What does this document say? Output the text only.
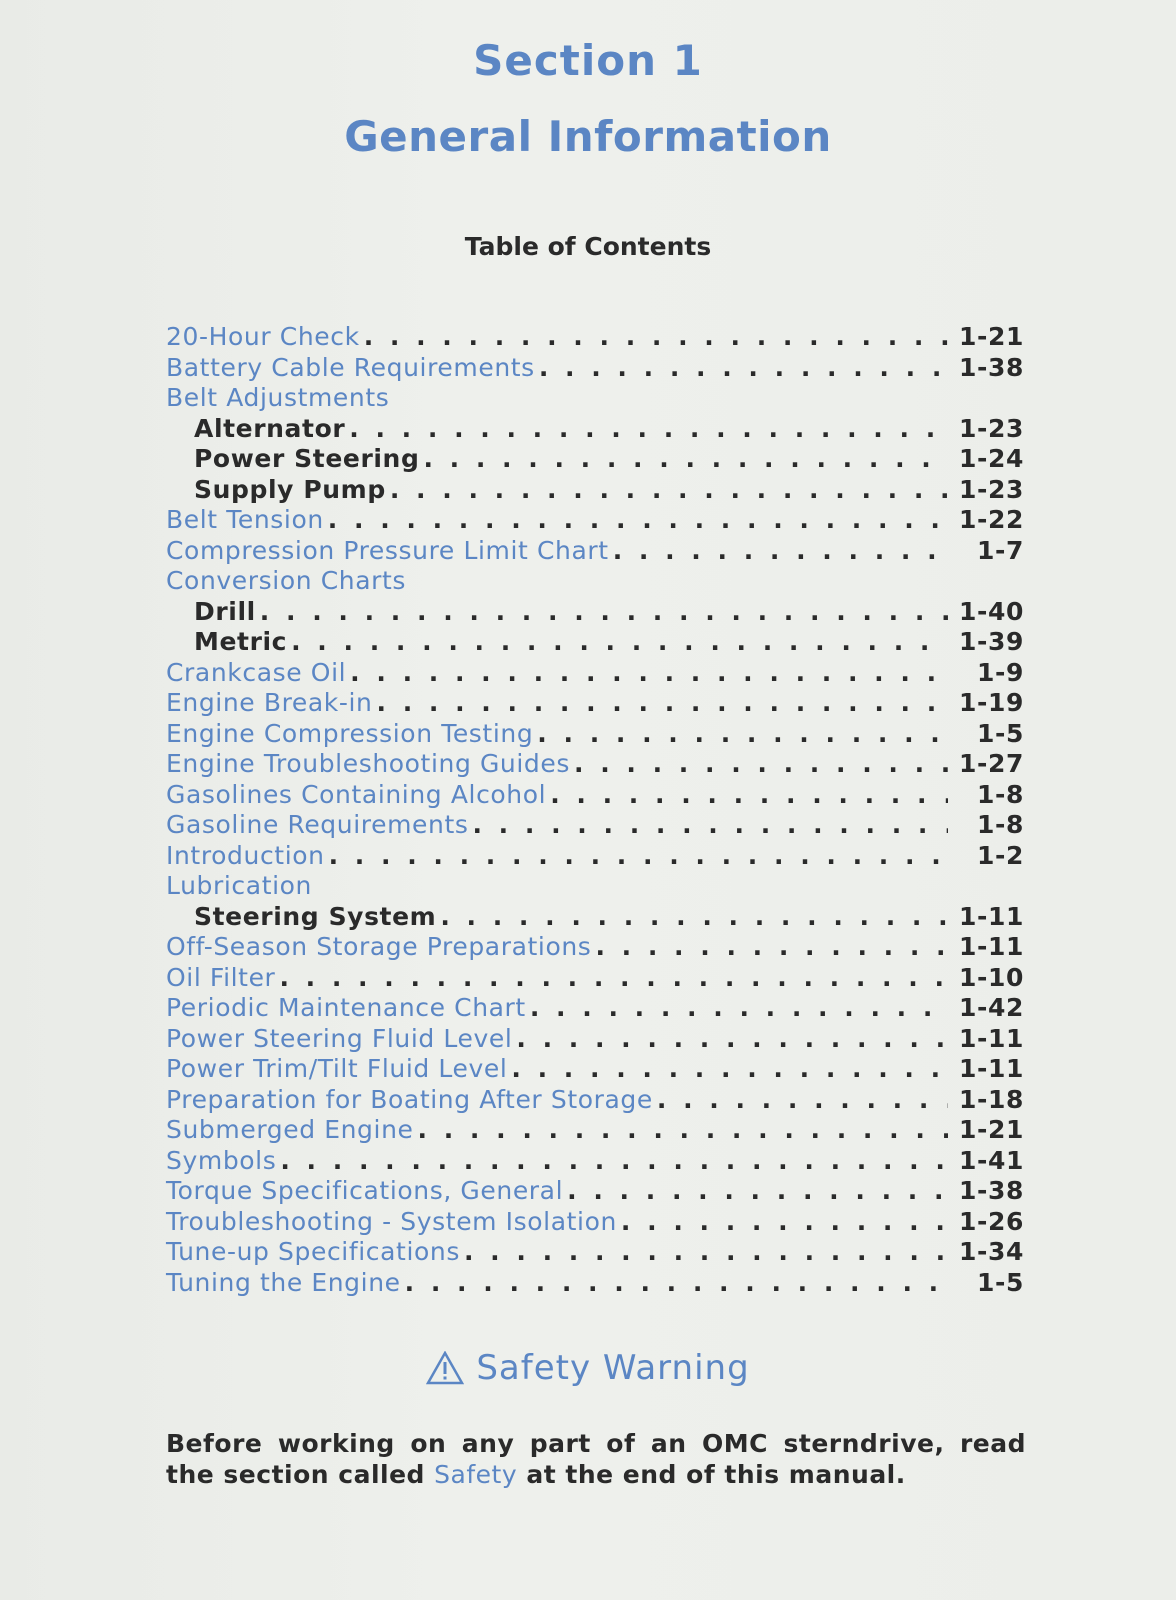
Section 1
General Information
Table of Contents
20-Hour Check . . .	1-21
Battery Cable Requirements . . .	1-38
Belt Adjustments
Alternator . . .	1-23
Power Steering . . .	1-24
Supply Pump . . .	1-23
Belt Tension . . .	1-22
Compression Pressure Limit Chart . . .	1-7
Conversion Charts
Drill . . .	1-40
Metric . . .	1-39
Crankcase Oil . . .	1-9
Engine Break-in . . .	1-19
Engine Compression Testing . . .	1-5
Engine Troubleshooting Guides . . .	1-27
Gasolines Containing Alcohol . . .	1-8
Gasoline Requirements . . .	1-8
Introduction . . .	1-2
Lubrication
Steering System . . .	1-11
Off-Season Storage Preparations . . .	1-11
Oil Filter . . .	1-10
Periodic Maintenance Chart . . .	1-42
Power Steering Fluid Level . . .	1-11
Power Trim/Tilt Fluid Level . . .	1-11
Preparation for Boating After Storage . . .	1-18
Submerged Engine . . .	1-21
Symbols . . .	1-41
Torque Specifications, General . . .	1-38
Troubleshooting - System Isolation . . .	1-26
Tune-up Specifications . . .	1-34
Tuning the Engine . . .	1-5
Safety Warning
Before working on any part of an OMC sterndrive, read the section called Safety at the end of this manual.
